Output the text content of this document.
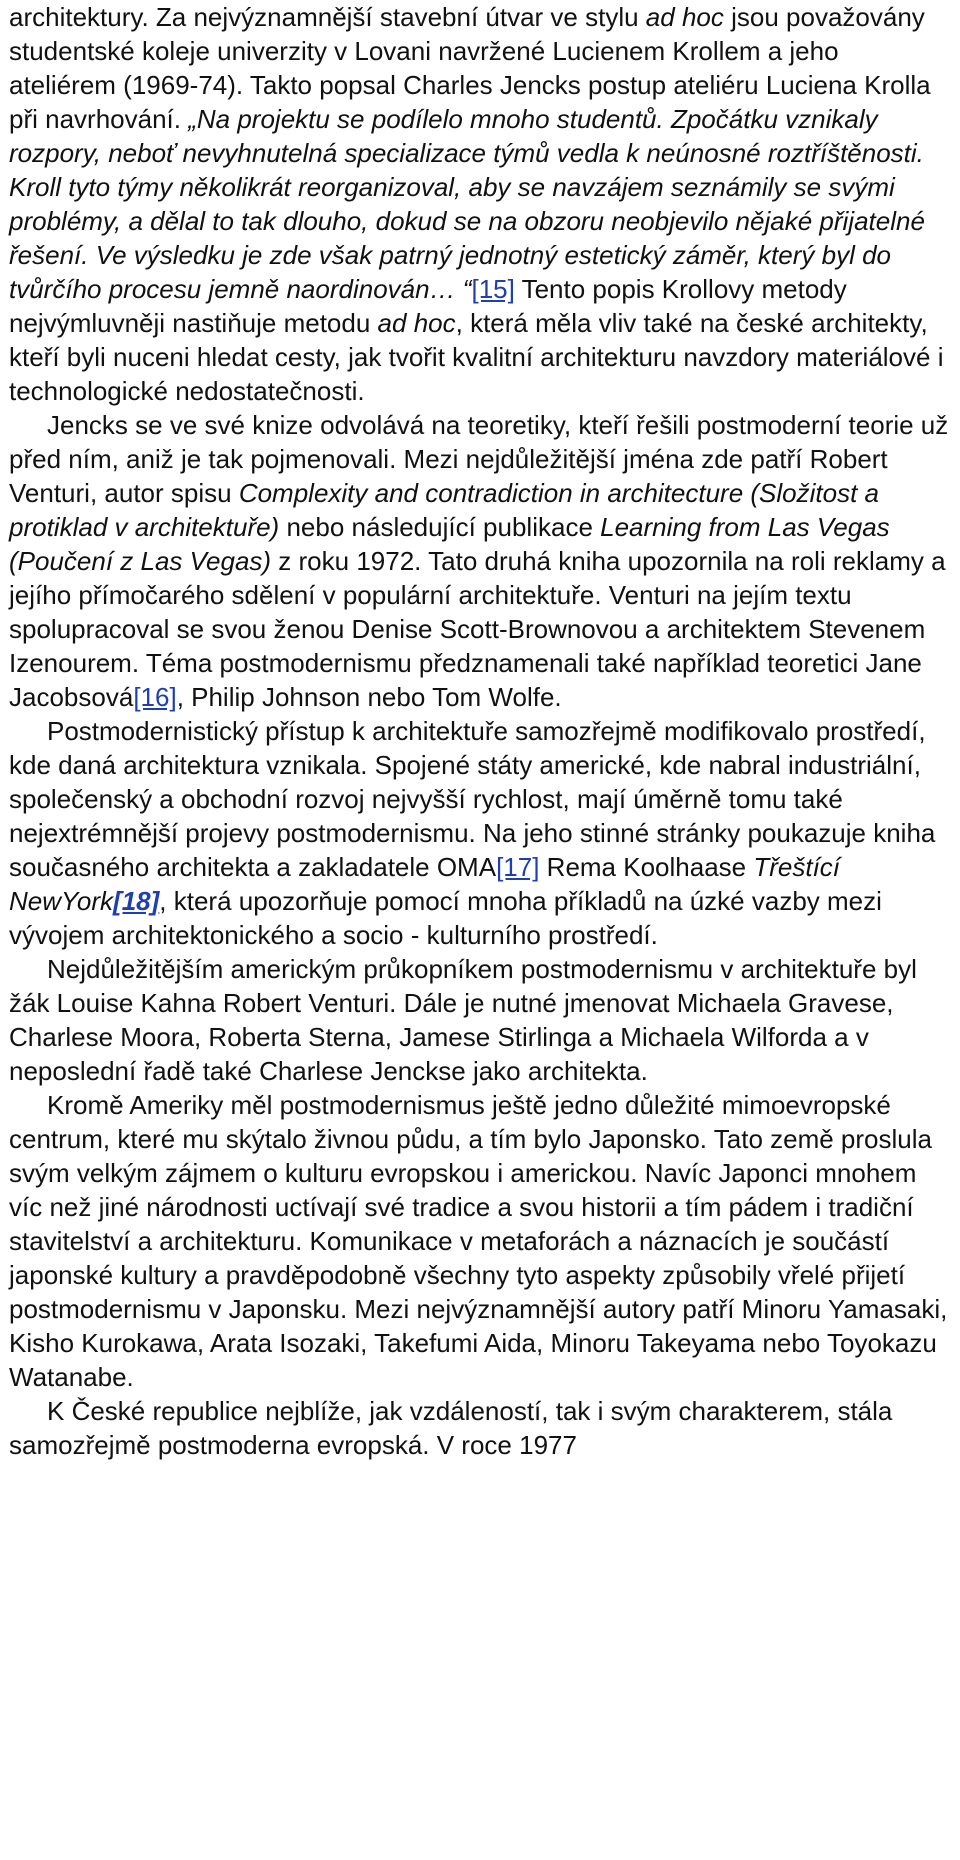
architektury. Za nejvýznamnější stavební útvar ve stylu ad hoc jsou považovány studentské koleje univerzity v Lovani navržené Lucienem Krollem a jeho ateliérem (1969-74). Takto popsal Charles Jencks postup ateliéru Luciena Krolla při navrhování. „Na projektu se podílelo mnoho studentů. Zpočátku vznikaly rozpory, neboť nevyhnutelná specializace týmů vedla k neúnosné roztříštěnosti. Kroll tyto týmy několikrát reorganizoval, aby se navzájem seznámily se svými problémy, a dělal to tak dlouho, dokud se na obzoru neobjevilo nějaké přijatelné řešení. Ve výsledku je zde však patrný jednotný estetický záměr, který byl do tvůrčího procesu jemně naordinován… “[15] Tento popis Krollovy metody nejvýmluvněji nastiňuje metodu ad hoc, která měla vliv také na české architekty, kteří byli nuceni hledat cesty, jak tvořit kvalitní architekturu navzdory materiálové i technologické nedostatečnosti.

Jencks se ve své knize odvolává na teoretiky, kteří řešili postmoderní teorie už před ním, aniž je tak pojmenovali. Mezi nejdůležitější jména zde patří Robert Venturi, autor spisu Complexity and contradiction in architecture (Složitost a protiklad v architektuře) nebo následující publikace Learning from Las Vegas (Poučení z Las Vegas) z roku 1972. Tato druhá kniha upozornila na roli reklamy a jejího přímočarého sdělení v populární architektuře. Venturi na jejím textu spolupracoval se svou ženou Denise Scott-Brownovou a architektem Stevenem Izenourem. Téma postmodernismu předznamenali také například teoretici Jane Jacobsová[16], Philip Johnson nebo Tom Wolfe.

Postmodernistický přístup k architektuře samozřejmě modifikovalo prostředí, kde daná architektura vznikala. Spojené státy americké, kde nabral industriální, společenský a obchodní rozvoj nejvyšší rychlost, mají úměrně tomu také nejextrémnější projevy postmodernismu. Na jeho stinné stránky poukazuje kniha současného architekta a zakladatele OMA[17] Rema Koolhaase Třeštící NewYork[18], která upozorňuje pomocí mnoha příkladů na úzké vazby mezi vývojem architektonického a socio - kulturního prostředí.

Nejdůležitějším americkým průkopníkem postmodernismu v architektuře byl žák Louise Kahna Robert Venturi. Dále je nutné jmenovat Michaela Gravese, Charlese Moora, Roberta Sterna, Jamese Stirlinga a Michaela Wilforda a v neposlední řadě také Charlese Jenckse jako architekta.

Kromě Ameriky měl postmodernismus ještě jedno důležité mimoevropské centrum, které mu skýtalo živnou půdu, a tím bylo Japonsko. Tato země proslula svým velkým zájmem o kulturu evropskou i americkou. Navíc Japonci mnohem víc než jiné národnosti uctívají své tradice a svou historii a tím pádem i tradiční stavitelství a architekturu. Komunikace v metaforách a náznacích je součástí japonské kultury a pravděpodobně všechny tyto aspekty způsobily vřelé přijetí postmodernismu v Japonsku. Mezi nejvýznamnější autory patří Minoru Yamasaki, Kisho Kurokawa, Arata Isozaki, Takefumi Aida, Minoru Takeyama nebo Toyokazu Watanabe.

K České republice nejblíže, jak vzdáleností, tak i svým charakterem, stála samozřejmě postmoderna evropská. V roce 1977
